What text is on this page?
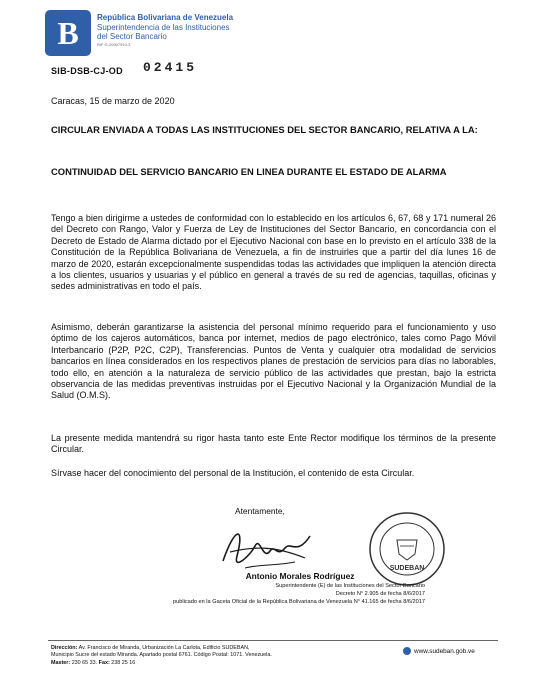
B República Bolivariana de Venezuela
Superintendencia de las Instituciones
del Sector Bancario
RIF G-20007910-3
SIB-DSB-CJ-OD 02415
Caracas, 15 de marzo de 2020
CIRCULAR ENVIADA A TODAS LAS INSTITUCIONES DEL SECTOR BANCARIO, RELATIVA A LA:
CONTINUIDAD DEL SERVICIO BANCARIO EN LINEA DURANTE EL ESTADO DE ALARMA
Tengo a bien dirigirme a ustedes de conformidad con lo establecido en los artículos 6, 67, 68 y 171 numeral 26 del Decreto con Rango, Valor y Fuerza de Ley de Instituciones del Sector Bancario, en concordancia con el Decreto de Estado de Alarma dictado por el Ejecutivo Nacional con base en lo previsto en el artículo 338 de la Constitución de la República Bolivariana de Venezuela, a fin de instruirles que a partir del día lunes 16 de marzo de 2020, estarán excepcionalmente suspendidas todas las actividades que impliquen la atención directa a los clientes, usuarios y usuarias y el público en general a través de su red de agencias, taquillas, oficinas y sedes administrativas en todo el país.
Asimismo, deberán garantizarse la asistencia del personal mínimo requerido para el funcionamiento y uso óptimo de los cajeros automáticos, banca por internet, medios de pago electrónico, tales como Pago Móvil Interbancario (P2P, P2C, C2P), Transferencias. Puntos de Venta y cualquier otra modalidad de servicios bancarios en línea considerados en los respectivos planes de prestación de servicios para días no laborables, todo ello, en atención a la naturaleza de servicio público de las actividades que prestan, bajo la estricta observancia de las medidas preventivas instruidas por el Ejecutivo Nacional y la Organización Mundial de la Salud (O.M.S).
La presente medida mantendrá su rigor hasta tanto este Ente Rector modifique los términos de la presente Circular.
Sírvase hacer del conocimiento del personal de la Institución, el contenido de esta Circular.
Atentamente,
SUDEBAN
Antonio Morales Rodríguez
Superintendente (E) de las Instituciones del Sector Bancario
Decreto N° 2.905 de fecha 8/6/2017
publicado en la Gaceta Oficial de la República Bolivariana de Venezuela N° 41.165 de fecha 8/6/2017
Dirección: Av. Francisco de Miranda, Urbanización La Carlota, Edificio SUDEBAN,
Municipio Sucre del estado Miranda. Apartado postal 6761. Código Postal: 1071. Venezuela.
Master: 230 65 33. Fax: 238 25 16
www.sudeban.gob.ve
